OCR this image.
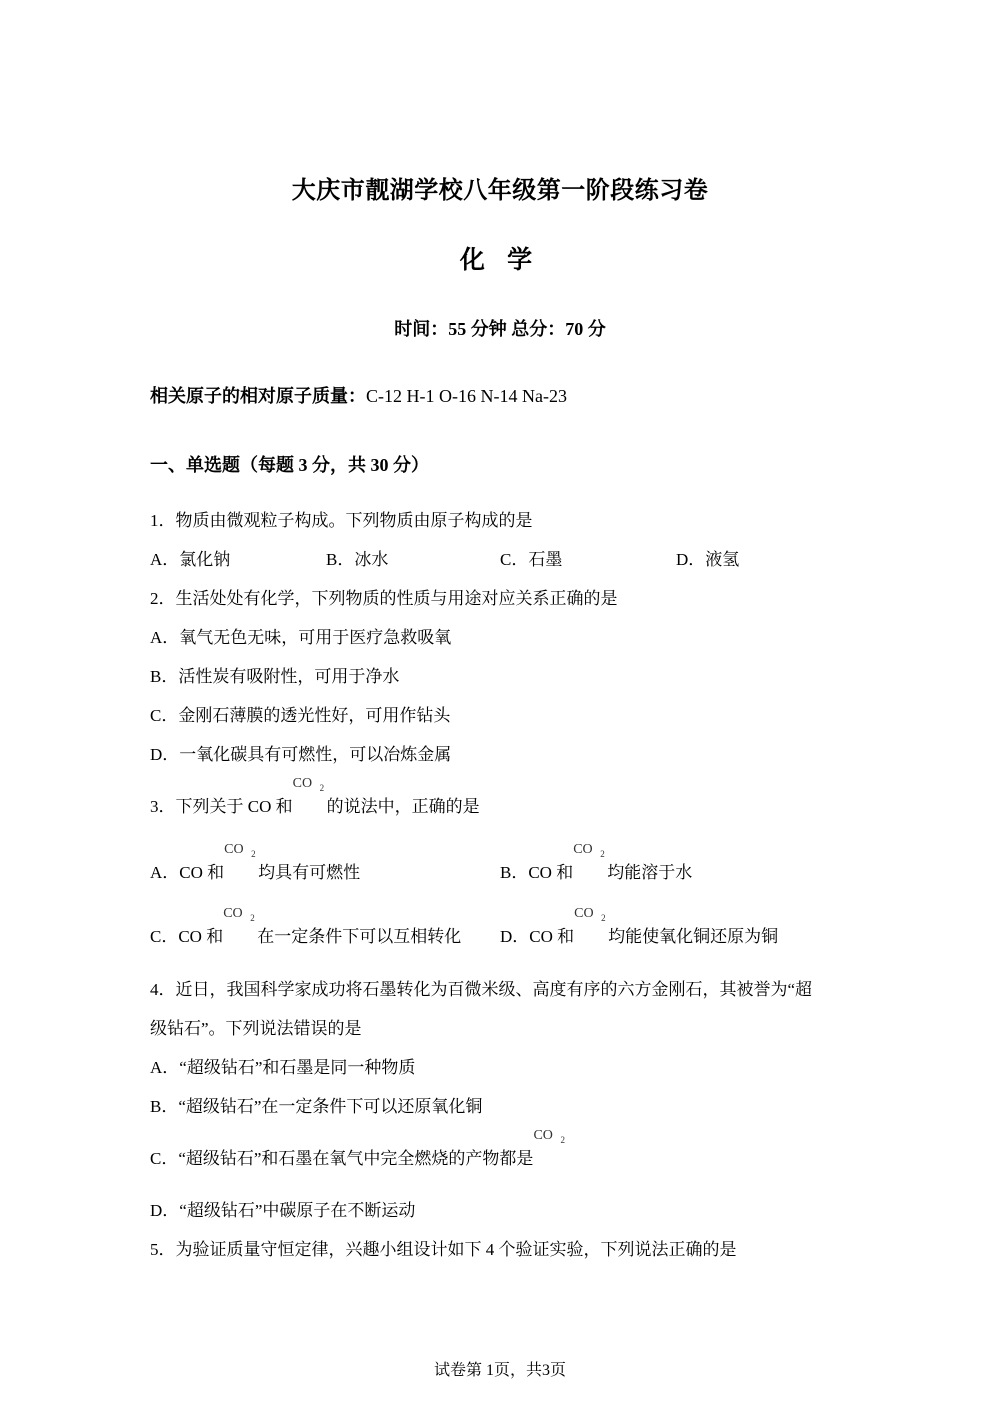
大庆市靓湖学校八年级第一阶段练习卷
化 学
时间：55 分钟 总分：70 分
相关原子的相对原子质量：C-12 H-1 O-16 N-14 Na-23
一、单选题（每题 3 分，共 30 分）
1．物质由微观粒子构成。下列物质由原子构成的是
A．氯化钠	B．冰水	C．石墨	D．液氢
2．生活处处有化学，下列物质的性质与用途对应关系正确的是
A．氧气无色无味，可用于医疗急救吸氧
B．活性炭有吸附性，可用于净水
C．金刚石薄膜的透光性好，可用作钻头
D．一氧化碳具有可燃性，可以冶炼金属
3．下列关于 CO 和
CO 2
的说法中，正确的是
A．CO 和
CO 2
均具有可燃性	B．CO 和
CO 2
均能溶于水
C．CO 和
CO 2
在一定条件下可以互相转化 D．CO 和
CO 2
均能使氧化铜还原为铜
4．近日，我国科学家成功将石墨转化为百微米级、高度有序的六方金刚石，其被誉为“超
级钻石”。下列说法错误的是
A．“超级钻石”和石墨是同一种物质
B．“超级钻石”在一定条件下可以还原氧化铜
C．“超级钻石”和石墨在氧气中完全燃烧的产物都是
CO 2
D．“超级钻石”中碳原子在不断运动
5．为验证质量守恒定律，兴趣小组设计如下 4 个验证实验，下列说法正确的是
试卷第 1页，共3页
